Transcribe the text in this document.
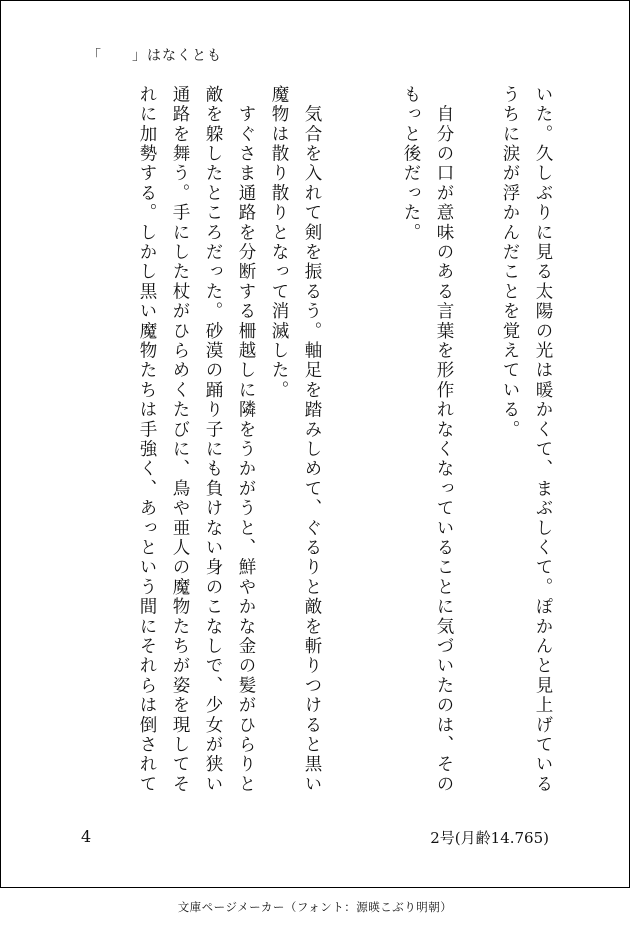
「　　」はなくとも

いた。久しぶりに見る太陽の光は暖かくて、まぶしくて。ぽかんと見上げているうちに涙が浮かんだことを覚えている。

　自分の口が意味のある言葉を形作れなくなっていることに気づいたのは、そのもっと後だった。

　気合を入れて剣を振るう。軸足を踏みしめて、ぐるりと敵を斬りつけると黒い魔物は散り散りとなって消滅した。

　すぐさま通路を分断する柵越しに隣をうかがうと、鮮やかな金の髪がひらりと敵を躱したところだった。砂漠の踊り子にも負けない身のこなしで、少女が狭い通路を舞う。手にした杖がひらめくたびに、鳥や亜人の魔物たちが姿を現してそれに加勢する。しかし黒い魔物たちは手強く、あっという間にそれらは倒されて

4	2号(月齢14.765)
文庫ページメーカー（フォント：源暎こぶり明朝）
